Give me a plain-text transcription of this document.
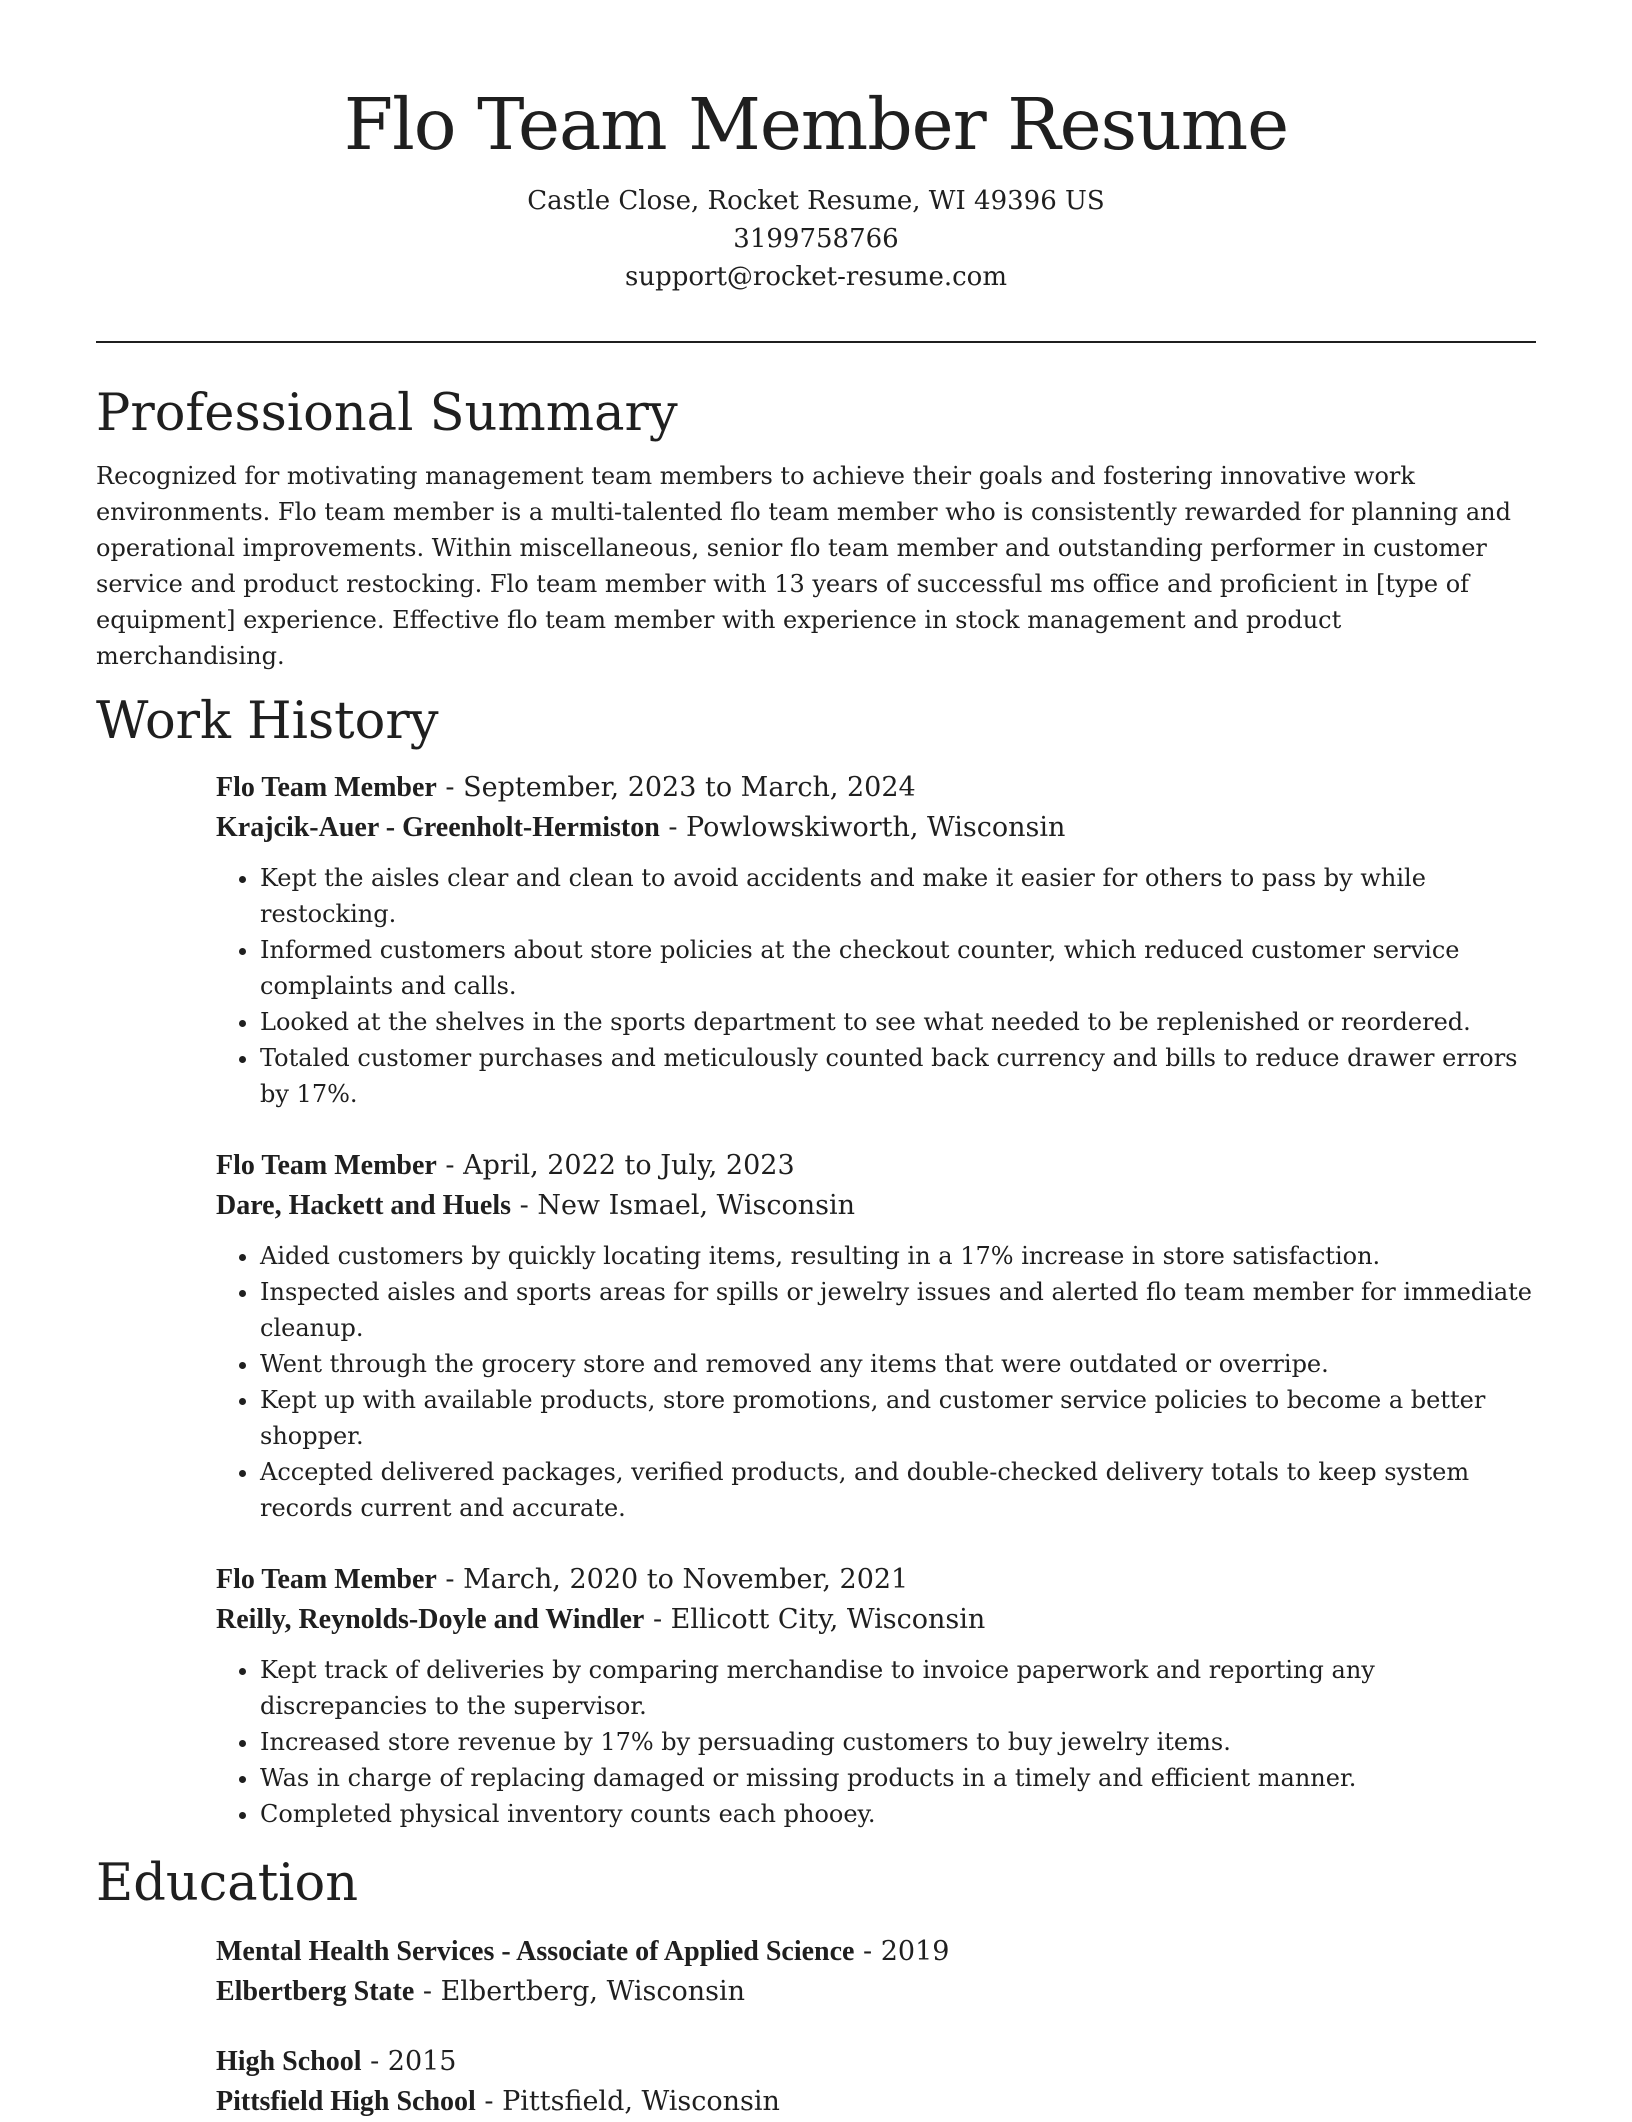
Flo Team Member Resume
Castle Close, Rocket Resume, WI 49396 US
3199758766
support@rocket-resume.com
Professional Summary

Recognized for motivating management team members to achieve their goals and fostering innovative work environments. Flo team member is a multi-talented flo team member who is consistently rewarded for planning and operational improvements. Within miscellaneous, senior flo team member and outstanding performer in customer service and product restocking. Flo team member with 13 years of successful ms office and proficient in [type of equipment] experience. Effective flo team member with experience in stock management and product merchandising.

Work History
Flo Team Member - September, 2023 to March, 2024
Krajcik-Auer - Greenholt-Hermiston - Powlowskiworth, Wisconsin
• Kept the aisles clear and clean to avoid accidents and make it easier for others to pass by while restocking.
• Informed customers about store policies at the checkout counter, which reduced customer service complaints and calls.
• Looked at the shelves in the sports department to see what needed to be replenished or reordered.
• Totaled customer purchases and meticulously counted back currency and bills to reduce drawer errors by 17%.
Flo Team Member - April, 2022 to July, 2023
Dare, Hackett and Huels - New Ismael, Wisconsin
• Aided customers by quickly locating items, resulting in a 17% increase in store satisfaction.
• Inspected aisles and sports areas for spills or jewelry issues and alerted flo team member for immediate cleanup.
• Went through the grocery store and removed any items that were outdated or overripe.
• Kept up with available products, store promotions, and customer service policies to become a better shopper.
• Accepted delivered packages, verified products, and double-checked delivery totals to keep system records current and accurate.
Flo Team Member - March, 2020 to November, 2021
Reilly, Reynolds-Doyle and Windler - Ellicott City, Wisconsin
• Kept track of deliveries by comparing merchandise to invoice paperwork and reporting any discrepancies to the supervisor.
• Increased store revenue by 17% by persuading customers to buy jewelry items.
• Was in charge of replacing damaged or missing products in a timely and efficient manner.
• Completed physical inventory counts each phooey.
Education
Mental Health Services - Associate of Applied Science - 2019
Elbertberg State - Elbertberg, Wisconsin
High School - 2015
Pittsfield High School - Pittsfield, Wisconsin
